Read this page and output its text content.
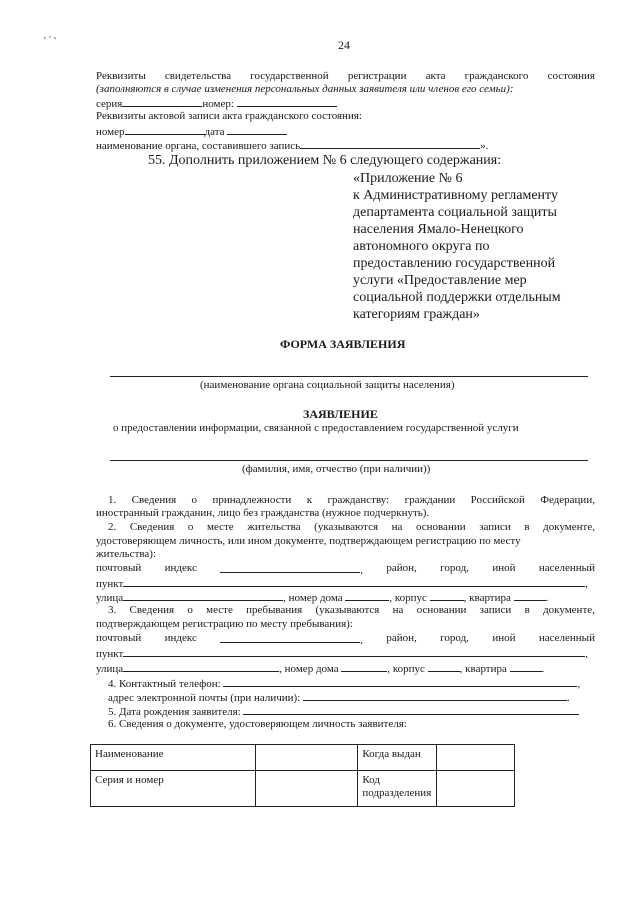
' ` '	24
Реквизиты свидетельства государственной регистрации акта гражданского состояния
(заполняются в случае изменения персональных данных заявителя или членов его семьи):
серия	номер:
Реквизиты актовой записи акта гражданского состояния:
номер	дата
наименование органа, составившего запись	».
55. Дополнить приложением № 6 следующего содержания:
«Приложение № 6
к Административному регламенту
департамента социальной защиты
населения Ямало-Ненецкого
автономного округа по
предоставлению государственной
услуги «Предоставление мер
социальной поддержки отдельным
категориям граждан»
ФОРМА ЗАЯВЛЕНИЯ
(наименование органа социальной защиты населения)
ЗАЯВЛЕНИЕ
о предоставлении информации, связанной с предоставлением государственной услуги
(фамилия, имя, отчество (при наличии))
1. Сведения о принадлежности к гражданству: граждании Российской Федерации,
иностранный гражданин, лицо без гражданства (нужное подчеркнуть).
2. Сведения о месте жительства (указываются на основании записи в документе,
удостоверяющем личность, или ином документе, подтверждающем регистрацию по месту
жительства):
почтовый индекс	, район, город, иной населенный
пункт	,
улица	, номер дома	, корпус	, квартира	.
3. Сведения о месте пребывания (указываются на основании записи в документе,
подтверждающем регистрацию по месту пребывания):
почтовый индекс	, район, город, иной населенный
пункт	,
улица	, номер дома	, корпус	, квартира	.
4. Контактный телефон:	,
адрес электронной почты (при наличии):	.
5. Дата рождения заявителя:
6. Сведения о документе, удостоверяющем личность заявителя:
Наименование		Когда выдан	
Серия и номер		Код подразделения	
